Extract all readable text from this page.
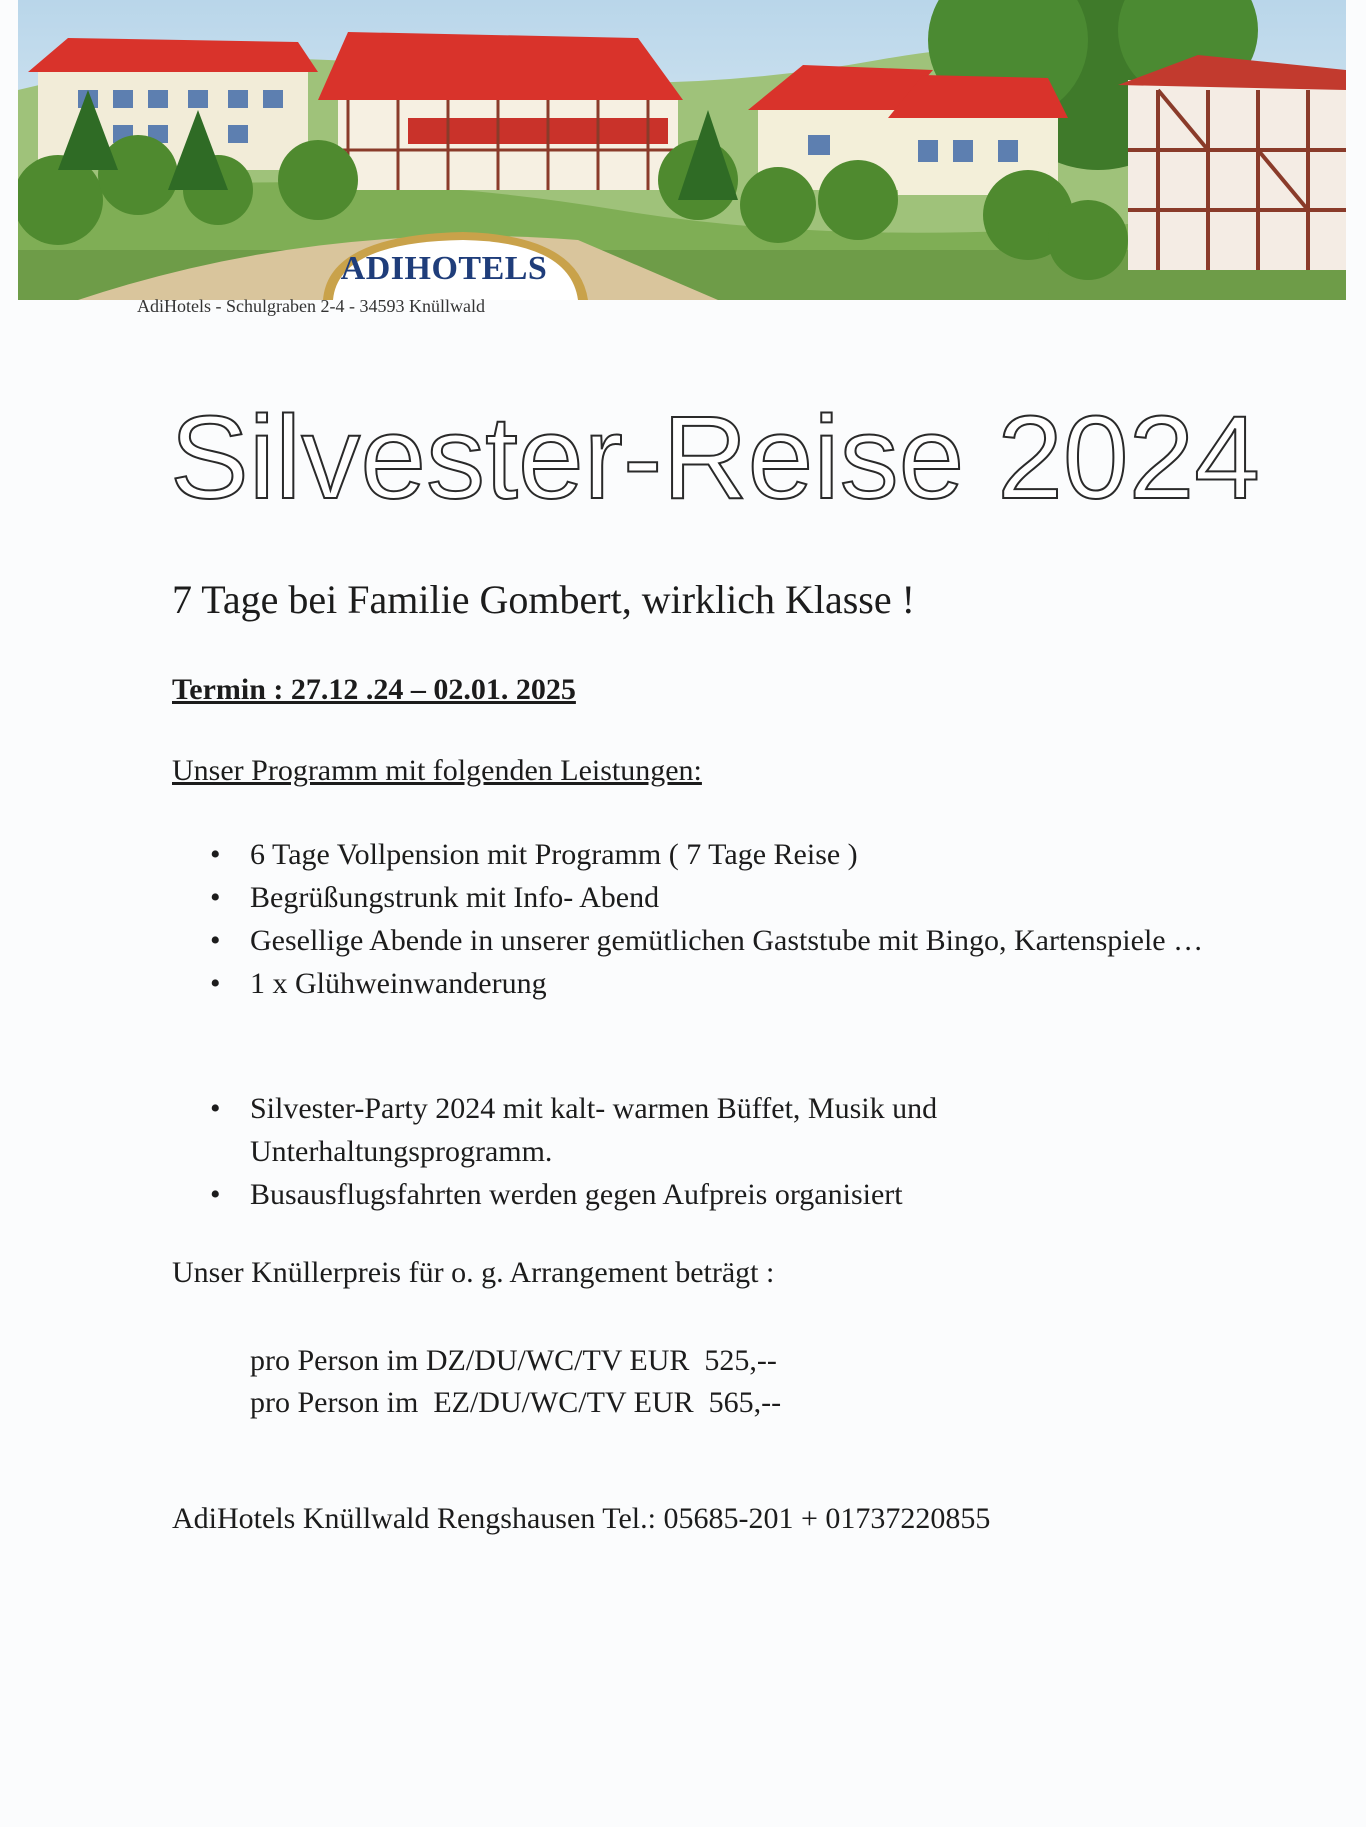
ADIHOTELS
AdiHotels - Schulgraben 2-4 - 34593 Knüllwald
Silvester-Reise 2024
7 Tage bei Familie Gombert, wirklich Klasse !
Termin : 27.12 .24 – 02.01. 2025
Unser Programm mit folgenden Leistungen:
• 6 Tage Vollpension mit Programm ( 7 Tage Reise )
• Begrüßungstrunk mit Info- Abend
• Gesellige Abende in unserer gemütlichen Gaststube mit Bingo, Kartenspiele …
• 1 x Glühweinwanderung
• Silvester-Party 2024 mit kalt- warmen Büffet, Musik und Unterhaltungsprogramm.
• Busausflugsfahrten werden gegen Aufpreis organisiert
Unser Knüllerpreis für o. g. Arrangement beträgt :
pro Person im DZ/DU/WC/TV EUR  525,--
pro Person im  EZ/DU/WC/TV EUR  565,--
AdiHotels Knüllwald Rengshausen Tel.: 05685-201 + 01737220855
